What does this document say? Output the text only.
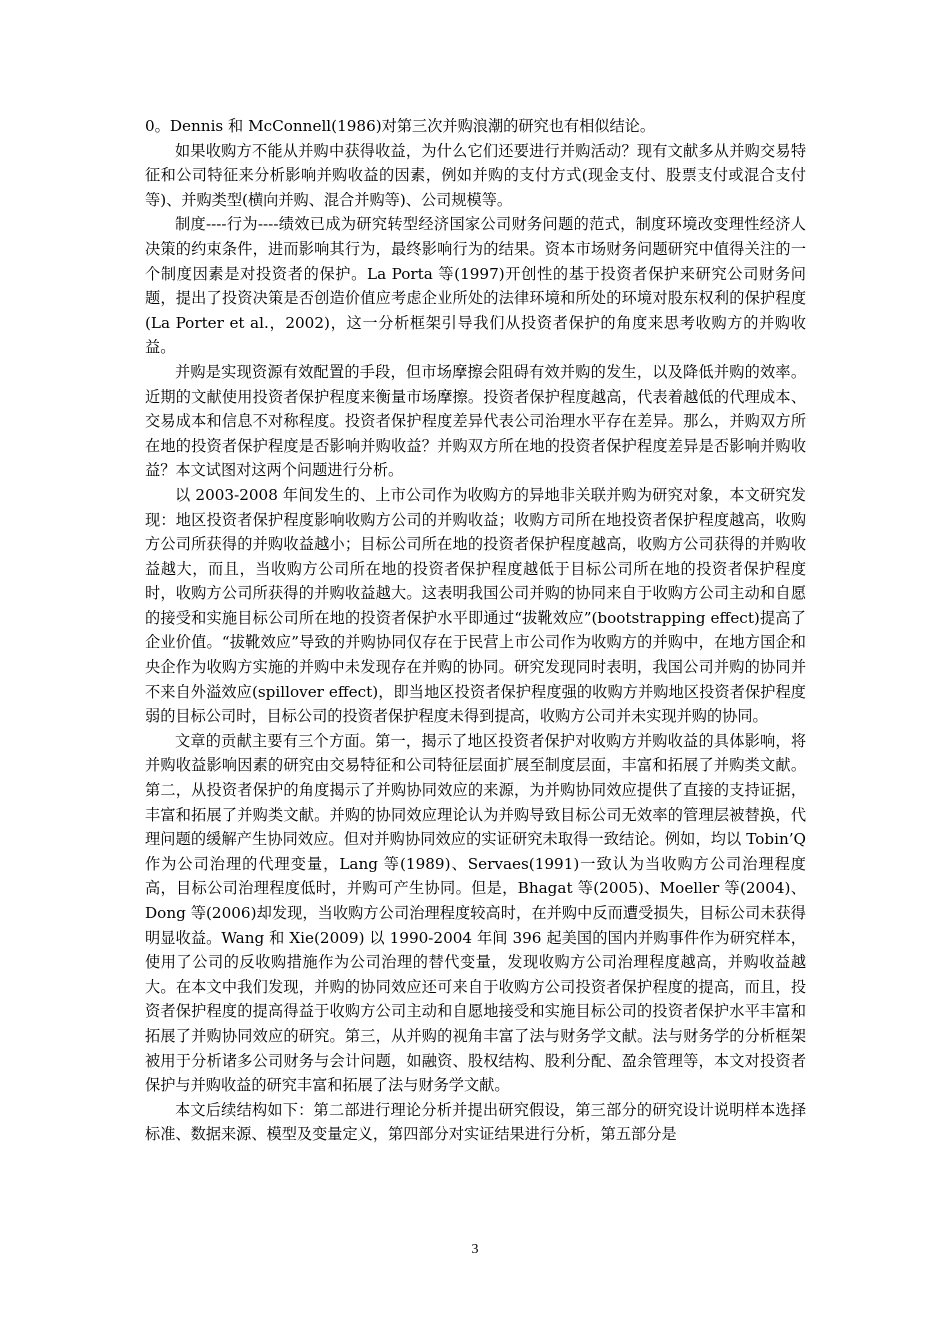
0。Dennis 和 McConnell(1986)对第三次并购浪潮的研究也有相似结论。

如果收购方不能从并购中获得收益，为什么它们还要进行并购活动？现有文献多从并购交易特征和公司特征来分析影响并购收益的因素，例如并购的支付方式(现金支付、股票支付或混合支付等)、并购类型(横向并购、混合并购等)、公司规模等。

制度----行为----绩效已成为研究转型经济国家公司财务问题的范式，制度环境改变理性经济人决策的约束条件，进而影响其行为，最终影响行为的结果。资本市场财务问题研究中值得关注的一个制度因素是对投资者的保护。La Porta 等(1997)开创性的基于投资者保护来研究公司财务问题，提出了投资决策是否创造价值应考虑企业所处的法律环境和所处的环境对股东权利的保护程度(La Porter et al.，2002)，这一分析框架引导我们从投资者保护的角度来思考收购方的并购收益。

并购是实现资源有效配置的手段，但市场摩擦会阻碍有效并购的发生，以及降低并购的效率。近期的文献使用投资者保护程度来衡量市场摩擦。投资者保护程度越高，代表着越低的代理成本、交易成本和信息不对称程度。投资者保护程度差异代表公司治理水平存在差异。那么，并购双方所在地的投资者保护程度是否影响并购收益？并购双方所在地的投资者保护程度差异是否影响并购收益？本文试图对这两个问题进行分析。

以 2003-2008 年间发生的、上市公司作为收购方的异地非关联并购为研究对象，本文研究发现：地区投资者保护程度影响收购方公司的并购收益；收购方司所在地投资者保护程度越高，收购方公司所获得的并购收益越小；目标公司所在地的投资者保护程度越高，收购方公司获得的并购收益越大，而且，当收购方公司所在地的投资者保护程度越低于目标公司所在地的投资者保护程度时，收购方公司所获得的并购收益越大。这表明我国公司并购的协同来自于收购方公司主动和自愿的接受和实施目标公司所在地的投资者保护水平即通过“拔靴效应”(bootstrapping effect)提高了企业价值。“拔靴效应”导致的并购协同仅存在于民营上市公司作为收购方的并购中，在地方国企和央企作为收购方实施的并购中未发现存在并购的协同。研究发现同时表明，我国公司并购的协同并不来自外溢效应(spillover effect)，即当地区投资者保护程度强的收购方并购地区投资者保护程度弱的目标公司时，目标公司的投资者保护程度未得到提高，收购方公司并未实现并购的协同。

文章的贡献主要有三个方面。第一，揭示了地区投资者保护对收购方并购收益的具体影响，将并购收益影响因素的研究由交易特征和公司特征层面扩展至制度层面，丰富和拓展了并购类文献。第二，从投资者保护的角度揭示了并购协同效应的来源，为并购协同效应提供了直接的支持证据，丰富和拓展了并购类文献。并购的协同效应理论认为并购导致目标公司无效率的管理层被替换，代理问题的缓解产生协同效应。但对并购协同效应的实证研究未取得一致结论。例如，均以 Tobin’Q 作为公司治理的代理变量，Lang 等(1989)、Servaes(1991)一致认为当收购方公司治理程度高，目标公司治理程度低时，并购可产生协同。但是，Bhagat 等(2005)、Moeller 等(2004)、Dong 等(2006)却发现，当收购方公司治理程度较高时，在并购中反而遭受损失，目标公司未获得明显收益。Wang 和 Xie(2009) 以 1990-2004 年间 396 起美国的国内并购事件作为研究样本，使用了公司的反收购措施作为公司治理的替代变量，发现收购方公司治理程度越高，并购收益越大。在本文中我们发现，并购的协同效应还可来自于收购方公司投资者保护程度的提高，而且，投资者保护程度的提高得益于收购方公司主动和自愿地接受和实施目标公司的投资者保护水平丰富和拓展了并购协同效应的研究。第三，从并购的视角丰富了法与财务学文献。法与财务学的分析框架被用于分析诸多公司财务与会计问题，如融资、股权结构、股利分配、盈余管理等，本文对投资者保护与并购收益的研究丰富和拓展了法与财务学文献。

本文后续结构如下：第二部进行理论分析并提出研究假设，第三部分的研究设计说明样本选择标准、数据来源、模型及变量定义，第四部分对实证结果进行分析，第五部分是

3
